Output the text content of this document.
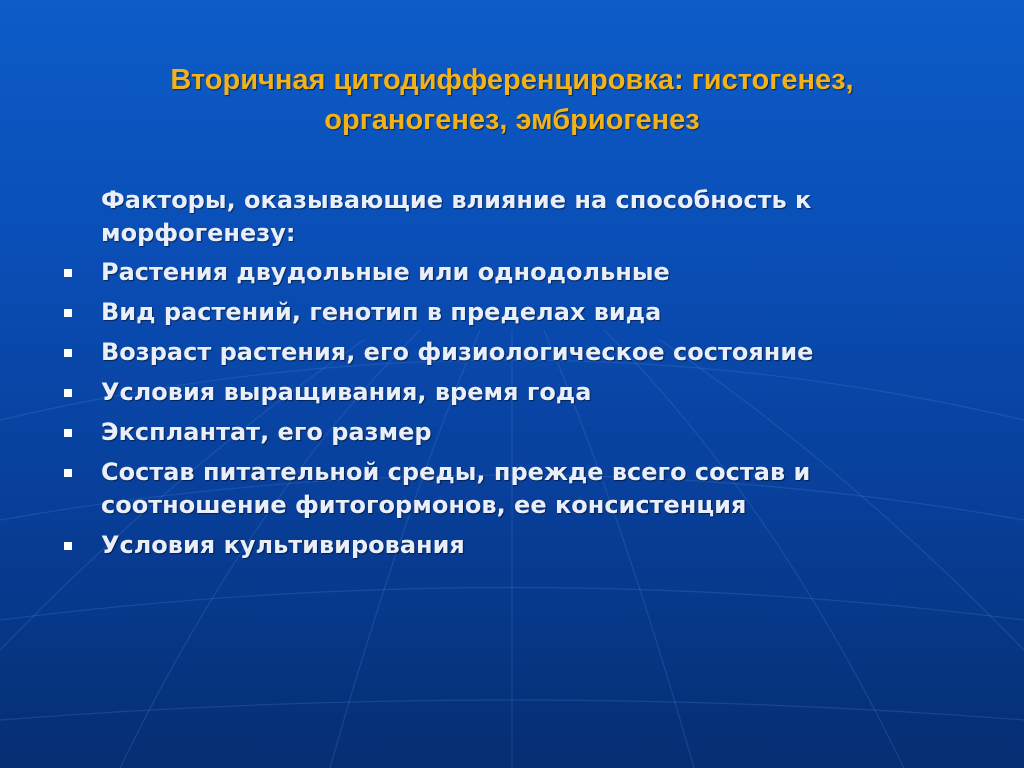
Вторичная цитодифференцировка: гистогенез,
органогенез, эмбриогенез
Факторы, оказывающие влияние на способность к морфогенезу:
Растения двудольные или однодольные
Вид растений, генотип в пределах вида
Возраст растения, его физиологическое состояние
Условия выращивания, время года
Эксплантат, его размер
Состав питательной среды, прежде всего состав и соотношение фитогормонов, ее консистенция
Условия культивирования
